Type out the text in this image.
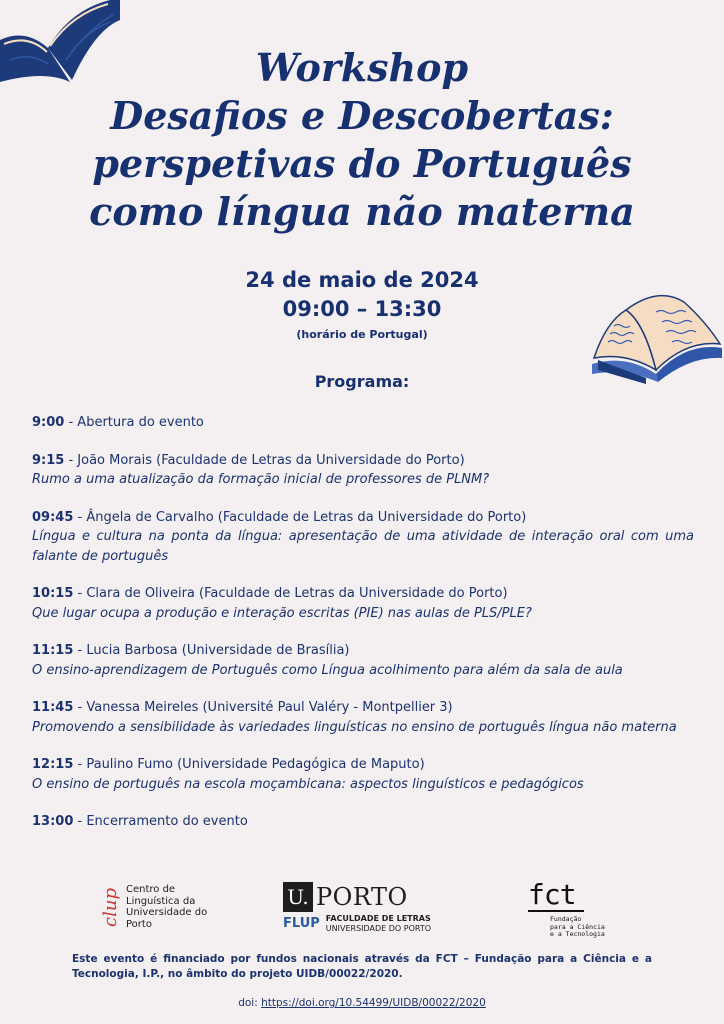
Workshop
Desafios e Descobertas:
perspetivas do Português
como língua não materna
24 de maio de 2024
09:00 – 13:30
(horário de Portugal)
Programa:
9:00 - Abertura do evento
9:15 - João Morais (Faculdade de Letras da Universidade do Porto)
Rumo a uma atualização da formação inicial de professores de PLNM?
09:45 - Ângela de Carvalho (Faculdade de Letras da Universidade do Porto)
Língua e cultura na ponta da língua: apresentação de uma atividade de interação oral com uma falante de português
10:15 - Clara de Oliveira (Faculdade de Letras da Universidade do Porto)
Que lugar ocupa a produção e interação escritas (PIE) nas aulas de PLS/PLE?
11:15 - Lucia Barbosa (Universidade de Brasília)
O ensino-aprendizagem de Português como Língua acolhimento para além da sala de aula
11:45 - Vanessa Meireles (Université Paul Valéry - Montpellier 3)
Promovendo a sensibilidade às variedades linguísticas no ensino de português língua não materna
12:15 - Paulino Fumo (Universidade Pedagógica de Maputo)
O ensino de português na escola moçambicana: aspectos linguísticos e pedagógicos
13:00 - Encerramento do evento
clup Centro de
Linguística da
Universidade do
Porto
U. PORTO
FLUP FACULDADE DE LETRAS
UNIVERSIDADE DO PORTO
fct
Fundação
para a Ciência
e a Tecnologia
Este evento é financiado por fundos nacionais através da FCT – Fundação para a Ciência e a Tecnologia, I.P., no âmbito do projeto UIDB/00022/2020.
doi: https://doi.org/10.54499/UIDB/00022/2020
